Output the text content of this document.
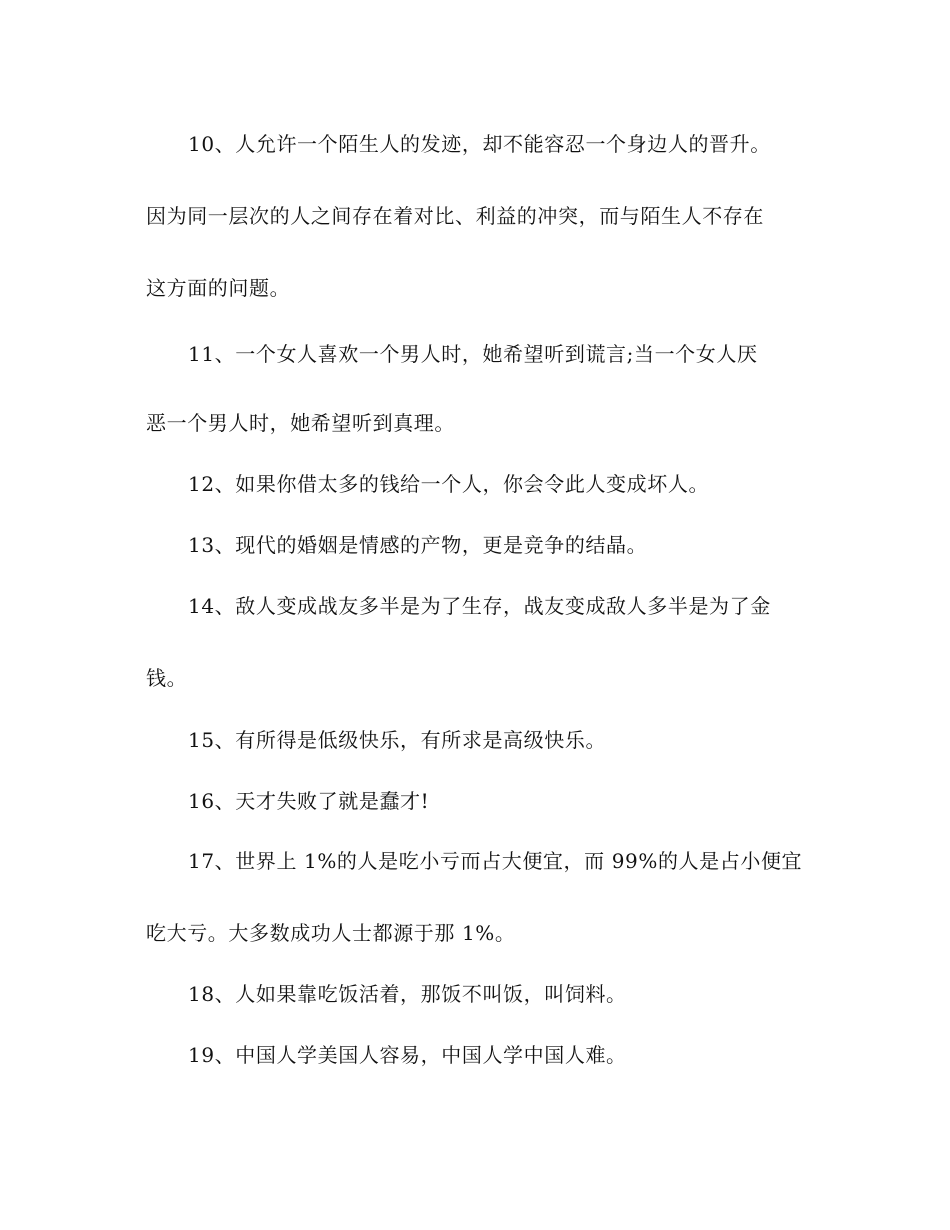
10、人允许一个陌生人的发迹，却不能容忍一个身边人的晋升。
因为同一层次的人之间存在着对比、利益的冲突，而与陌生人不存在
这方面的问题。
11、一个女人喜欢一个男人时，她希望听到谎言;当一个女人厌
恶一个男人时，她希望听到真理。
12、如果你借太多的钱给一个人，你会令此人变成坏人。
13、现代的婚姻是情感的产物，更是竞争的结晶。
14、敌人变成战友多半是为了生存，战友变成敌人多半是为了金
钱。
15、有所得是低级快乐，有所求是高级快乐。
16、天才失败了就是蠢才!
17、世界上 1%的人是吃小亏而占大便宜，而 99%的人是占小便宜
吃大亏。大多数成功人士都源于那 1%。
18、人如果靠吃饭活着，那饭不叫饭，叫饲料。
19、中国人学美国人容易，中国人学中国人难。
